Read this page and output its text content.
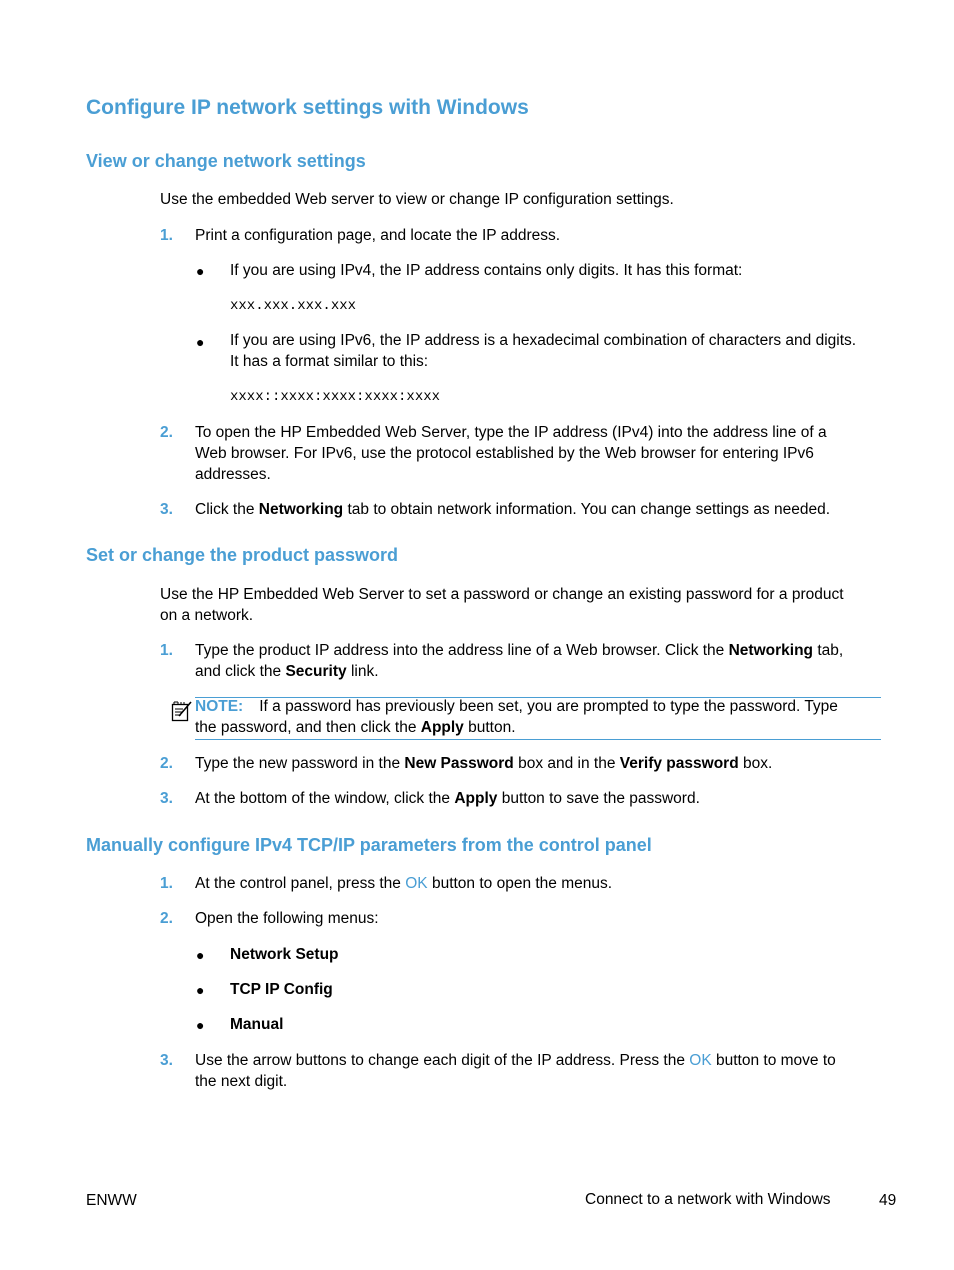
Configure IP network settings with Windows
View or change network settings
Use the embedded Web server to view or change IP configuration settings.
1. Print a configuration page, and locate the IP address.
● If you are using IPv4, the IP address contains only digits. It has this format:
xxx.xxx.xxx.xxx
● If you are using IPv6, the IP address is a hexadecimal combination of characters and digits.
It has a format similar to this:
xxxx::xxxx:xxxx:xxxx:xxxx
2. To open the HP Embedded Web Server, type the IP address (IPv4) into the address line of a
Web browser. For IPv6, use the protocol established by the Web browser for entering IPv6
addresses.
3. Click the Networking tab to obtain network information. You can change settings as needed.
Set or change the product password
Use the HP Embedded Web Server to set a password or change an existing password for a product
on a network.
1. Type the product IP address into the address line of a Web browser. Click the Networking tab,
and click the Security link.
NOTE: If a password has previously been set, you are prompted to type the password. Type
the password, and then click the Apply button.
2. Type the new password in the New Password box and in the Verify password box.
3. At the bottom of the window, click the Apply button to save the password.
Manually configure IPv4 TCP/IP parameters from the control panel
1. At the control panel, press the OK button to open the menus.
2. Open the following menus:
● Network Setup
● TCP IP Config
● Manual
3. Use the arrow buttons to change each digit of the IP address. Press the OK button to move to
the next digit.
ENWW	Connect to a network with Windows	49
